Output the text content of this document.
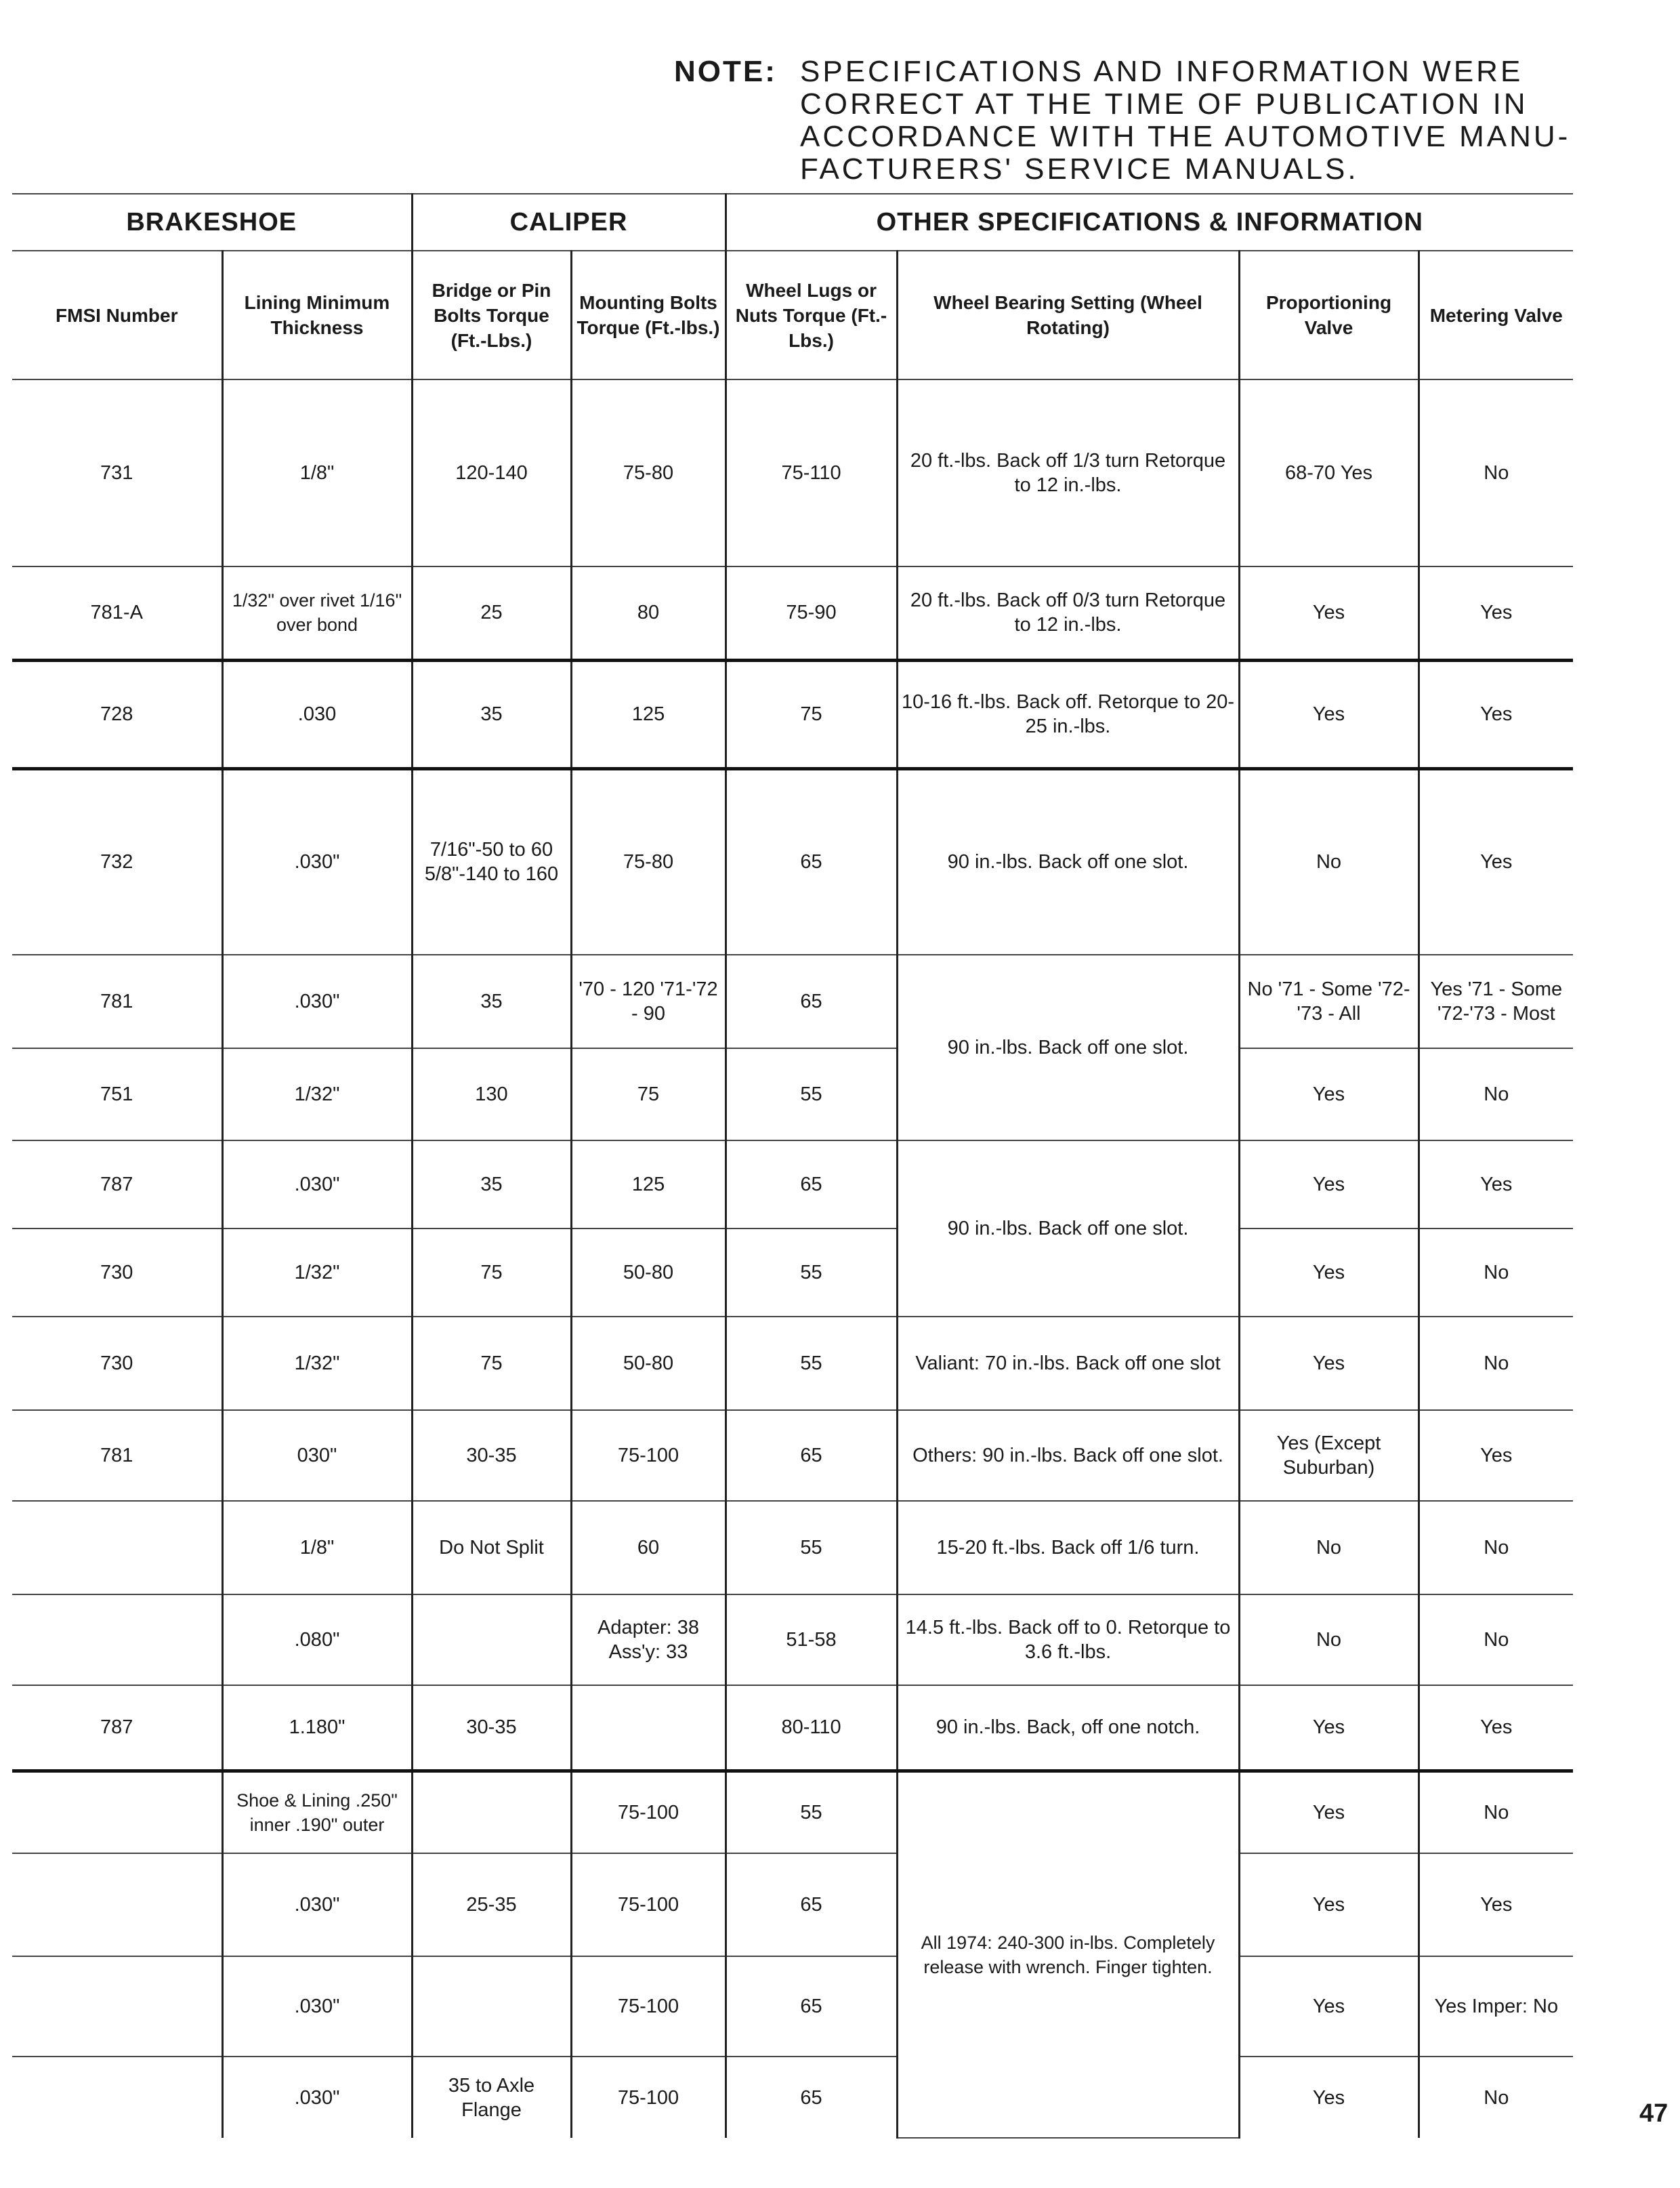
NOTE: SPECIFICATIONS AND INFORMATION WERE
CORRECT AT THE TIME OF PUBLICATION IN
ACCORDANCE WITH THE AUTOMOTIVE MANU-
FACTURERS' SERVICE MANUALS.
BRAKESHOE		CALIPER		OTHER SPECIFICATIONS & INFORMATION			
FMSI Number	Lining Minimum Thickness	Bridge or Pin Bolts Torque (Ft.-Lbs.)	Mounting Bolts Torque (Ft.-lbs.)	Wheel Lugs or Nuts Torque (Ft.-Lbs.)	Wheel Bearing Setting (Wheel Rotating)	Proportioning Valve	Metering Valve
731	1/8"	120-140	75-80	75-110	20 ft.-lbs. Back off 1/3 turn Retorque to 12 in.-lbs.	68-70 Yes	No
781-A	1/32" over rivet 1/16" over bond	25	80	75-90	20 ft.-lbs. Back off 0/3 turn Retorque to 12 in.-lbs.	Yes	Yes
728	.030	35	125	75	10-16 ft.-lbs. Back off. Retorque to 20-25 in.-lbs.	Yes	Yes
732	.030"	7/16"-50 to 60 5/8"-140 to 160	75-80	65	90 in.-lbs. Back off one slot.	No	Yes
781	.030"	35	'70 - 120 '71-'72 - 90	65	90 in.-lbs. Back off one slot.	No '71 - Some '72-'73 - All	Yes '71 - Some '72-'73 - Most
751	1/32"	130	75	55		Yes	No
787	.030"	35	125	65	90 in.-lbs. Back off one slot.	Yes	Yes
730	1/32"	75	50-80	55		Yes	No
730	1/32"	75	50-80	55	Valiant: 70 in.-lbs. Back off one slot	Yes	No
781	030"	30-35	75-100	65	Others: 90 in.-lbs. Back off one slot.	Yes (Except Suburban)	Yes
	1/8"	Do Not Split	60	55	15-20 ft.-lbs. Back off 1/6 turn.	No	No
	.080"		Adapter: 38 Ass'y: 33	51-58	14.5 ft.-lbs. Back off to 0. Retorque to 3.6 ft.-lbs.	No	No
787	1.180"	30-35		80-110	90 in.-lbs. Back, off one notch.	Yes	Yes
	Shoe & Lining .250" inner .190" outer		75-100	55	All 1974: 240-300 in-lbs. Completely release with wrench. Finger tighten.	Yes	No
	.030"	25-35	75-100	65		Yes	Yes
	.030"		75-100	65		Yes	Yes Imper: No
	.030"	35 to Axle Flange	75-100	65		Yes	No
47
